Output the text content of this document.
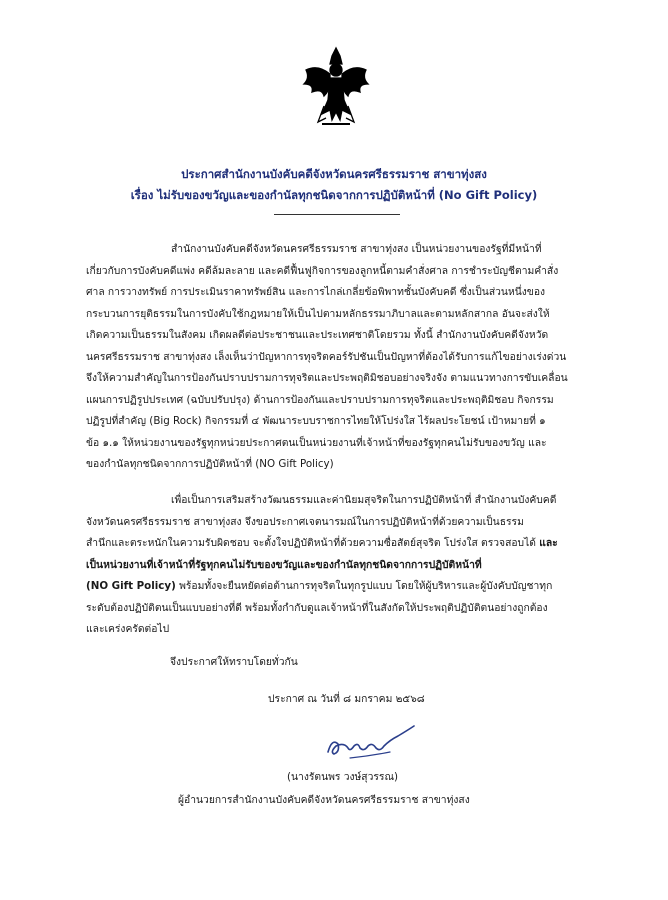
ประกาศสำนักงานบังคับคดีจังหวัดนครศรีธรรมราช สาขาทุ่งสง
เรื่อง ไม่รับของขวัญและของกำนัลทุกชนิดจากการปฏิบัติหน้าที่ (No Gift Policy)
สำนักงานบังคับคดีจังหวัดนครศรีธรรมราช สาขาทุ่งสง เป็นหน่วยงานของรัฐที่มีหน้าที่
เกี่ยวกับการบังคับคดีแพ่ง คดีล้มละลาย และคดีฟื้นฟูกิจการของลูกหนี้ตามคำสั่งศาล การชำระบัญชีตามคำสั่ง
ศาล การวางทรัพย์ การประเมินราคาทรัพย์สิน และการไกล่เกลี่ยข้อพิพาทชั้นบังคับคดี ซึ่งเป็นส่วนหนึ่งของ
กระบวนการยุติธรรมในการบังคับใช้กฎหมายให้เป็นไปตามหลักธรรมาภิบาลและตามหลักสากล อันจะส่งให้
เกิดความเป็นธรรมในสังคม เกิดผลดีต่อประชาชนและประเทศชาติโดยรวม ทั้งนี้ สำนักงานบังคับคดีจังหวัด
นครศรีธรรมราช สาขาทุ่งสง เล็งเห็นว่าปัญหาการทุจริตคอร์รัปชันเป็นปัญหาที่ต้องได้รับการแก้ไขอย่างเร่งด่วน
จึงให้ความสำคัญในการป้องกันปราบปรามการทุจริตและประพฤติมิชอบอย่างจริงจัง ตามแนวทางการขับเคลื่อน
แผนการปฏิรูปประเทศ (ฉบับปรับปรุง) ด้านการป้องกันและปราบปรามการทุจริตและประพฤติมิชอบ กิจกรรม
ปฏิรูปที่สำคัญ (Big Rock) กิจกรรมที่ ๔ พัฒนาระบบราชการไทยให้โปร่งใส ไร้ผลประโยชน์ เป้าหมายที่ ๑
ข้อ ๑.๑ ให้หน่วยงานของรัฐทุกหน่วยประกาศตนเป็นหน่วยงานที่เจ้าหน้าที่ของรัฐทุกคนไม่รับของขวัญ และ
ของกำนัลทุกชนิดจากการปฏิบัติหน้าที่ (NO Gift Policy)
เพื่อเป็นการเสริมสร้างวัฒนธรรมและค่านิยมสุจริตในการปฏิบัติหน้าที่ สำนักงานบังคับคดี
จังหวัดนครศรีธรรมราช สาขาทุ่งสง จึงขอประกาศเจตนารมณ์ในการปฏิบัติหน้าที่ด้วยความเป็นธรรม
สำนึกและตระหนักในความรับผิดชอบ จะตั้งใจปฏิบัติหน้าที่ด้วยความซื่อสัตย์สุจริต โปร่งใส ตรวจสอบได้ และ
เป็นหน่วยงานที่เจ้าหน้าที่รัฐทุกคนไม่รับของขวัญและของกำนัลทุกชนิดจากการปฏิบัติหน้าที่
(NO Gift Policy) พร้อมทั้งจะยืนหยัดต่อต้านการทุจริตในทุกรูปแบบ โดยให้ผู้บริหารและผู้บังคับบัญชาทุก
ระดับต้องปฏิบัติตนเป็นแบบอย่างที่ดี พร้อมทั้งกำกับดูแลเจ้าหน้าที่ในสังกัดให้ประพฤติปฏิบัติตนอย่างถูกต้อง
และเคร่งครัดต่อไป
จึงประกาศให้ทราบโดยทั่วกัน
ประกาศ ณ วันที่ ๘ มกราคม ๒๕๖๘
(นางรัตนพร วงษ์สุวรรณ)
ผู้อำนวยการสำนักงานบังคับคดีจังหวัดนครศรีธรรมราช สาขาทุ่งสง
